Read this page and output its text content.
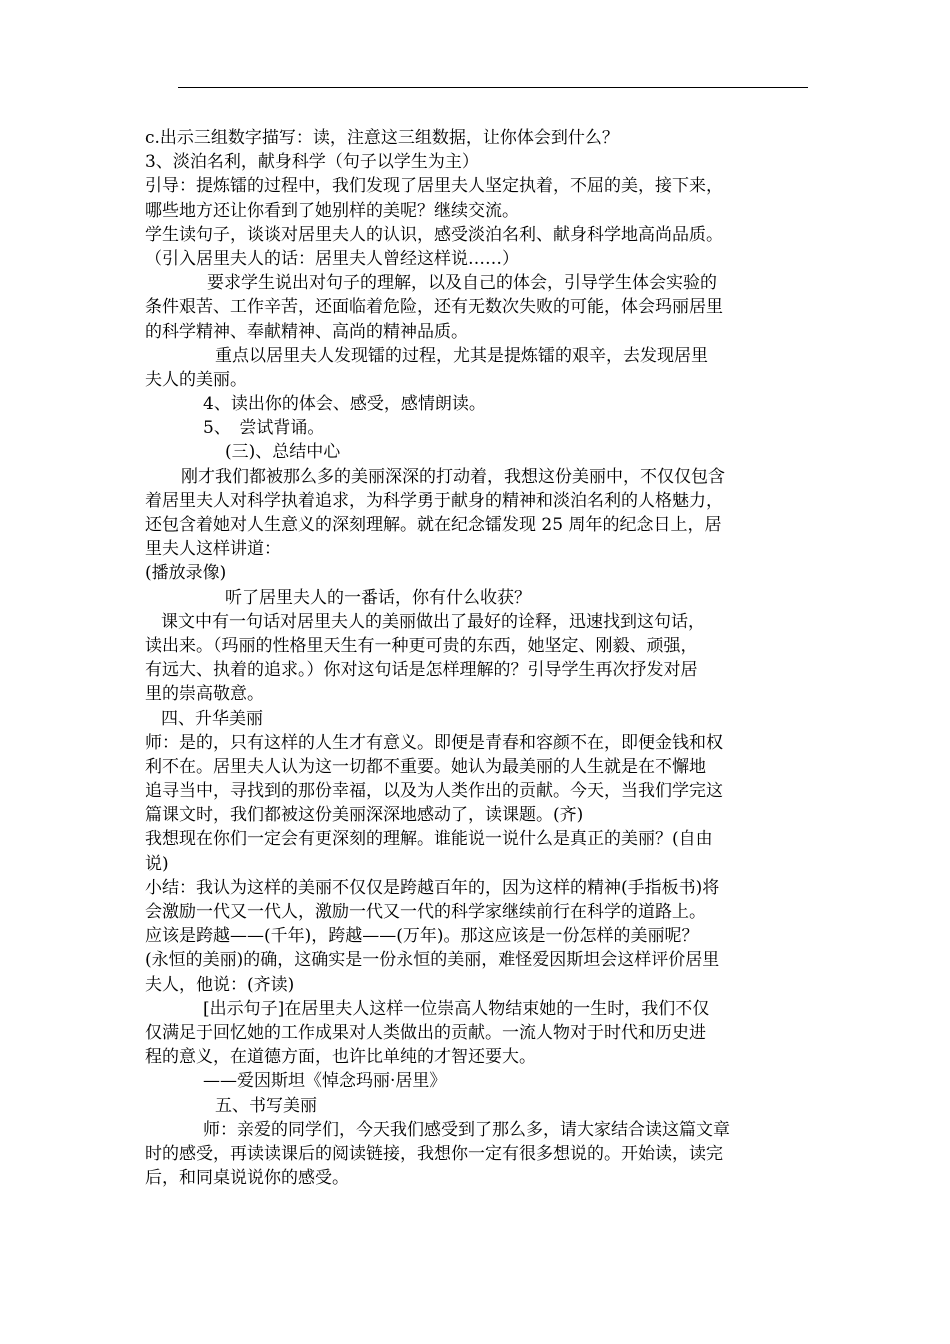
c.出示三组数字描写：读，注意这三组数据，让你体会到什么？
3、淡泊名利，献身科学（句子以学生为主）
引导：提炼镭的过程中，我们发现了居里夫人坚定执着，不屈的美，接下来，
哪些地方还让你看到了她别样的美呢？继续交流。
学生读句子，谈谈对居里夫人的认识，感受淡泊名利、献身科学地高尚品质。
（引入居里夫人的话：居里夫人曾经这样说……）
要求学生说出对句子的理解，以及自己的体会，引导学生体会实验的
条件艰苦、工作辛苦，还面临着危险，还有无数次失败的可能，体会玛丽居里
的科学精神、奉献精神、高尚的精神品质。
重点以居里夫人发现镭的过程，尤其是提炼镭的艰辛，去发现居里
夫人的美丽。
4、读出你的体会、感受，感情朗读。
5、　尝试背诵。
(三)、总结中心
刚才我们都被那么多的美丽深深的打动着，我想这份美丽中，不仅仅包含
着居里夫人对科学执着追求，为科学勇于献身的精神和淡泊名利的人格魅力，
还包含着她对人生意义的深刻理解。就在纪念镭发现 25 周年的纪念日上，居
里夫人这样讲道：
(播放录像)
听了居里夫人的一番话，你有什么收获？
课文中有一句话对居里夫人的美丽做出了最好的诠释，迅速找到这句话，
读出来。（玛丽的性格里天生有一种更可贵的东西，她坚定、刚毅、顽强，
有远大、执着的追求。）你对这句话是怎样理解的？引导学生再次抒发对居
里的崇高敬意。
四、升华美丽
师：是的，只有这样的人生才有意义。即便是青春和容颜不在，即便金钱和权
利不在。居里夫人认为这一切都不重要。她认为最美丽的人生就是在不懈地
追寻当中，寻找到的那份幸福，以及为人类作出的贡献。今天，当我们学完这
篇课文时，我们都被这份美丽深深地感动了，读课题。(齐)
我想现在你们一定会有更深刻的理解。谁能说一说什么是真正的美丽？(自由
说)
小结：我认为这样的美丽不仅仅是跨越百年的，因为这样的精神(手指板书)将
会激励一代又一代人，激励一代又一代的科学家继续前行在科学的道路上。
应该是跨越——(千年)，跨越——(万年)。那这应该是一份怎样的美丽呢？
(永恒的美丽)的确，这确实是一份永恒的美丽，难怪爱因斯坦会这样评价居里
夫人，他说：(齐读)
[出示句子]在居里夫人这样一位崇高人物结束她的一生时，我们不仅
仅满足于回忆她的工作成果对人类做出的贡献。一流人物对于时代和历史进
程的意义，在道德方面，也许比单纯的才智还要大。
——爱因斯坦《悼念玛丽·居里》
五、书写美丽
师：亲爱的同学们，今天我们感受到了那么多，请大家结合读这篇文章
时的感受，再读读课后的阅读链接，我想你一定有很多想说的。开始读，读完
后，和同桌说说你的感受。
